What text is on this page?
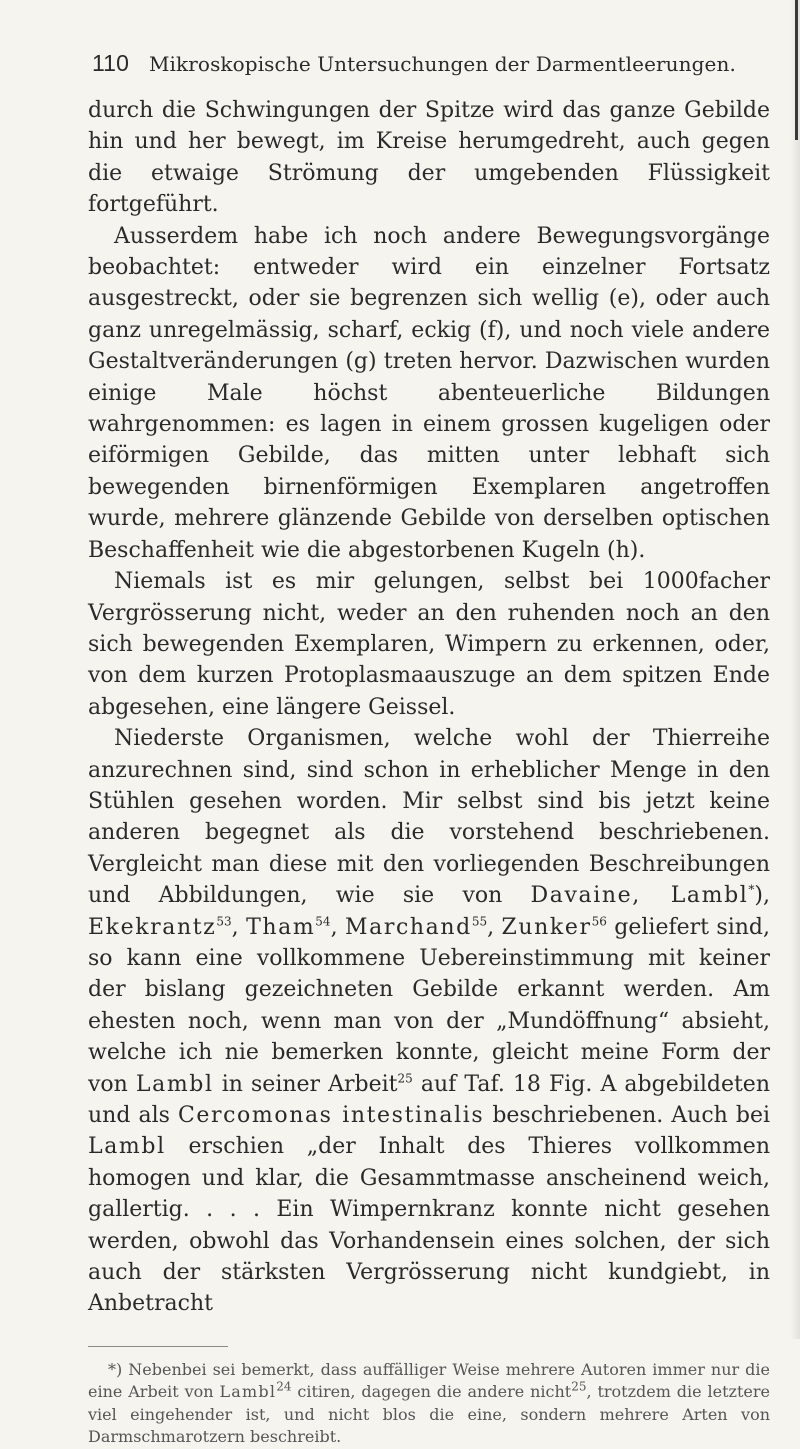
110 Mikroskopische Untersuchungen der Darmentleerungen.

durch die Schwingungen der Spitze wird das ganze Gebilde hin und her bewegt, im Kreise herumgedreht, auch gegen die etwaige Strömung der umgebenden Flüssigkeit fortgeführt.

Ausserdem habe ich noch andere Bewegungsvorgänge beobachtet: entweder wird ein einzelner Fortsatz ausgestreckt, oder sie begrenzen sich wellig (e), oder auch ganz unregelmässig, scharf, eckig (f), und noch viele andere Gestaltveränderungen (g) treten hervor. Dazwischen wurden einige Male höchst abenteuerliche Bildungen wahrgenommen: es lagen in einem grossen kugeligen oder eiförmigen Gebilde, das mitten unter lebhaft sich bewegenden birnenförmigen Exemplaren angetroffen wurde, mehrere glänzende Gebilde von derselben optischen Beschaffenheit wie die abgestorbenen Kugeln (h).

Niemals ist es mir gelungen, selbst bei 1000facher Vergrösserung nicht, weder an den ruhenden noch an den sich bewegenden Exemplaren, Wimpern zu erkennen, oder, von dem kurzen Protoplasmaauszuge an dem spitzen Ende abgesehen, eine längere Geissel.

Niederste Organismen, welche wohl der Thierreihe anzurechnen sind, sind schon in erheblicher Menge in den Stühlen gesehen worden. Mir selbst sind bis jetzt keine anderen begegnet als die vorstehend beschriebenen. Vergleicht man diese mit den vorliegenden Beschreibungen und Abbildungen, wie sie von Davaine, Lambl*), Ekekrantz$^{53}$, Tham$^{54}$, Marchand$^{55}$, Zunker$^{56}$ geliefert sind, so kann eine vollkommene Uebereinstimmung mit keiner der bislang gezeichneten Gebilde erkannt werden. Am ehesten noch, wenn man von der „Mundöffnung“ absieht, welche ich nie bemerken konnte, gleicht meine Form der von Lambl in seiner Arbeit$^{25}$ auf Taf. 18 Fig. A abgebildeten und als Cercomonas intestinalis beschriebenen. Auch bei Lambl erschien „der Inhalt des Thieres vollkommen homogen und klar, die Gesammtmasse anscheinend weich, gallertig. . . . Ein Wimpernkranz konnte nicht gesehen werden, obwohl das Vorhandensein eines solchen, der sich auch der stärksten Vergrösserung nicht kundgiebt, in Anbetracht

*) Nebenbei sei bemerkt, dass auffälliger Weise mehrere Autoren immer nur die eine Arbeit von Lambl$^{24}$ citiren, dagegen die andere nicht$^{25}$, trotzdem die letztere viel eingehender ist, und nicht blos die eine, sondern mehrere Arten von Darmschmarotzern beschreibt.
